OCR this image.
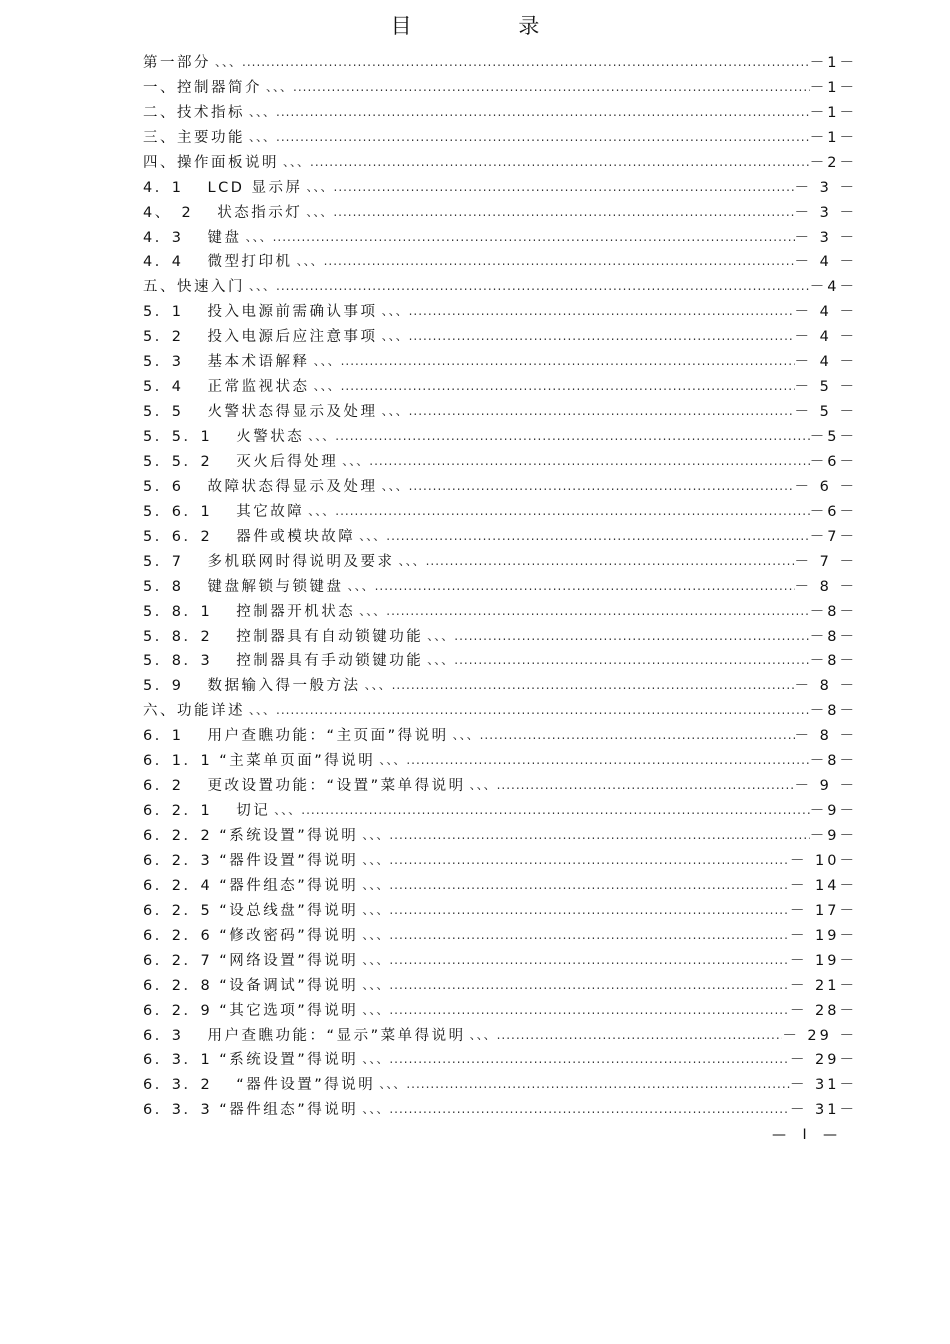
目 录
第一部分 、、、........................................................................................................................................................................	－1－
一、控制器简介 、、、........................................................................................................................................................................	－1－
二、技术指标 、、、........................................................................................................................................................................	－1－
三、主要功能 、、、........................................................................................................................................................................	－1－
四、操作面板说明 、、、........................................................................................................................................................................	－2－
4．1　 LCD 显示屏 、、、........................................................................................................................................................................	－ 3 －
4、　2　 状态指示灯 、、、........................................................................................................................................................................	－ 3 －
4．3　 键盘 、、、........................................................................................................................................................................	－ 3 －
4．4　 微型打印机 、、、........................................................................................................................................................................	－ 4 －
五、快速入门 、、、........................................................................................................................................................................	－4－
5．1　 投入电源前需确认事项 、、、........................................................................................................................................................................	－ 4 －
5．2　 投入电源后应注意事项 、、、........................................................................................................................................................................	－ 4 －
5．3　 基本术语解释 、、、........................................................................................................................................................................	－ 4 －
5．4　 正常监视状态 、、、........................................................................................................................................................................	－ 5 －
5．5　 火警状态得显示及处理 、、、........................................................................................................................................................................	－ 5 －
5．5．1　 火警状态 、、、........................................................................................................................................................................	－5－
5．5．2　 灭火后得处理 、、、........................................................................................................................................................................	－6－
5．6　 故障状态得显示及处理 、、、........................................................................................................................................................................	－ 6 －
5．6．1　 其它故障 、、、........................................................................................................................................................................	－6－
5．6．2　 器件或模块故障 、、、........................................................................................................................................................................	－7－
5．7　 多机联网时得说明及要求 、、、........................................................................................................................................................................	－ 7 －
5．8　 键盘解锁与锁键盘 、、、........................................................................................................................................................................	－ 8 －
5．8．1　 控制器开机状态 、、、........................................................................................................................................................................	－8－
5．8．2　 控制器具有自动锁键功能 、、、........................................................................................................................................................................	－8－
5．8．3　 控制器具有手动锁键功能 、、、........................................................................................................................................................................	－8－
5．9　 数据输入得一般方法 、、、........................................................................................................................................................................	－ 8 －
六、功能详述 、、、........................................................................................................................................................................	－8－
6．1　 用户查瞧功能：“主页面”得说明 、、、........................................................................................................................................................................	－ 8 －
6．1．1 “主菜单页面”得说明 、、、........................................................................................................................................................................	－8－
6．2　 更改设置功能：“设置”菜单得说明 、、、........................................................................................................................................................................	－ 9 －
6．2．1　 切记 、、、........................................................................................................................................................................	－9－
6．2．2 “系统设置”得说明 、、、........................................................................................................................................................................	－9－
6．2．3 “器件设置”得说明 、、、........................................................................................................................................................................	－ 10－
6．2．4 “器件组态”得说明 、、、........................................................................................................................................................................	－ 14－
6．2．5 “设总线盘”得说明 、、、........................................................................................................................................................................	－ 17－
6．2．6 “修改密码”得说明 、、、........................................................................................................................................................................	－ 19－
6．2．7 “网络设置”得说明 、、、........................................................................................................................................................................	－ 19－
6．2．8 “设备调试”得说明 、、、........................................................................................................................................................................	－ 21－
6．2．9 “其它选项”得说明 、、、........................................................................................................................................................................	－ 28－
6．3　 用户查瞧功能：“显示”菜单得说明 、、、........................................................................................................................................................................	－ 29 －
6．3．1 “系统设置”得说明 、、、........................................................................................................................................................................	－ 29－
6．3．2　 “器件设置”得说明 、、、........................................................................................................................................................................	－ 31－
6．3．3 “器件组态”得说明 、、、........................................................................................................................................................................	－ 31－
— I —
